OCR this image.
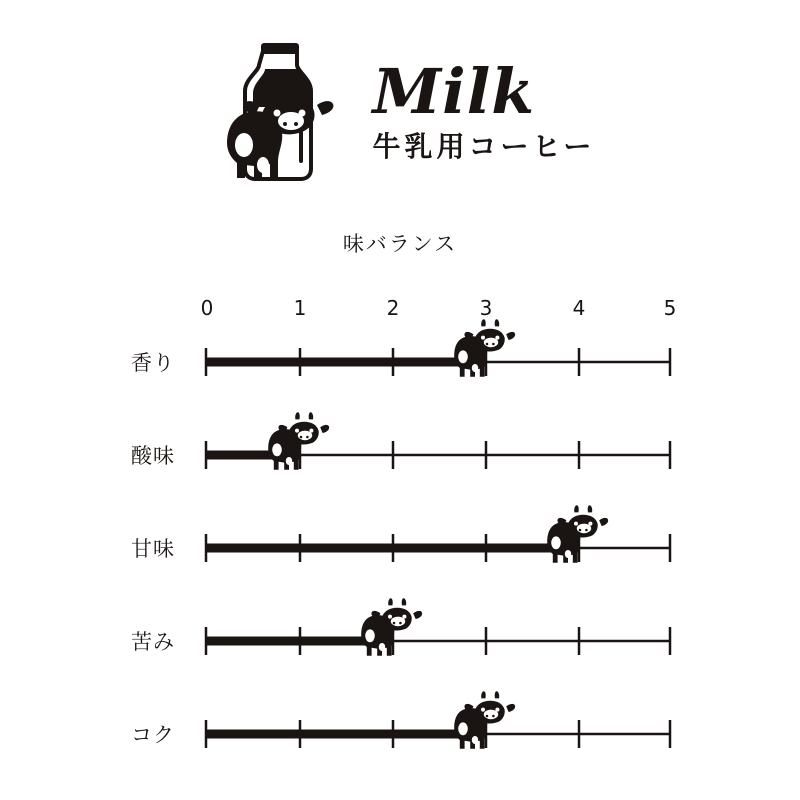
Milk
牛乳用コーヒー
味バランス
0	1	2	3	4	5
香り
酸味
甘味
苦み
コク
